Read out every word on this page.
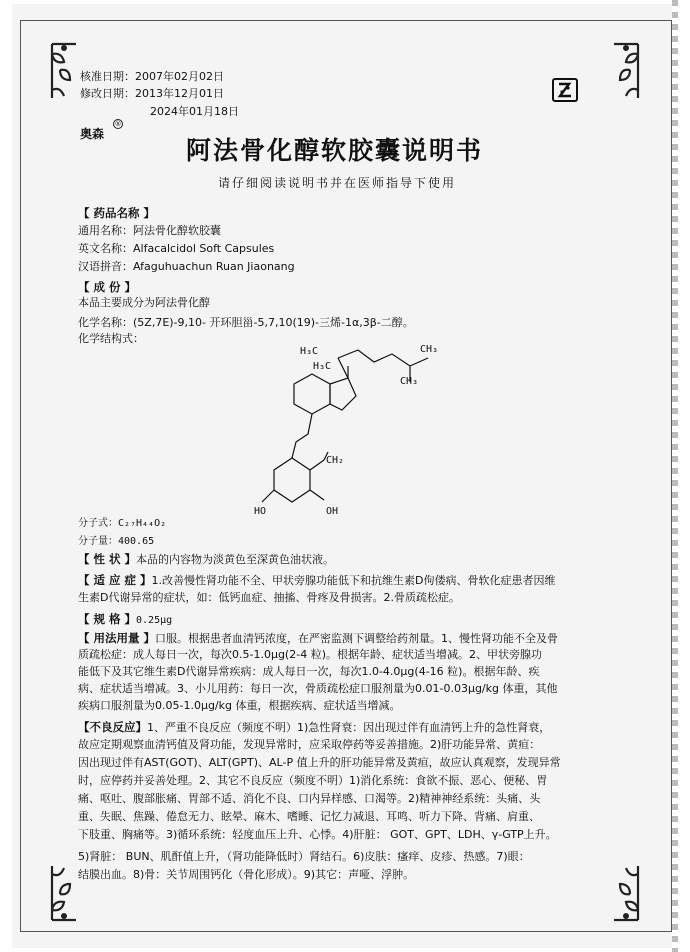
核准日期：2007年02月02日
修改日期：2013年12月01日
2024年01月18日
奥森
®
阿法骨化醇软胶囊说明书
请仔细阅读说明书并在医师指导下使用
【 药品名称 】
通用名称：阿法骨化醇软胶囊
英文名称：Alfacalcidol Soft Capsules
汉语拼音：Afaguhuachun Ruan Jiaonang
【 成 份 】
本品主要成分为阿法骨化醇
化学名称：(5Z,7E)-9,10- 开环胆甾-5,7,10(19)-三烯-1α,3β-二醇。
化学结构式：
H₃C	CH₃
H₃C
CH₃
CH₂
HO	OH
分子式：C₂₇H₄₄O₂
分子量：400.65
【 性 状 】本品的内容物为淡黄色至深黄色油状液。
【 适 应 症 】1.改善慢性肾功能不全、甲状旁腺功能低下和抗维生素D佝偻病、骨软化症患者因维
生素D代谢异常的症状，如：低钙血症、抽搐、骨疼及骨损害。2.骨质疏松症。
【 规 格 】0.25μg
【 用法用量 】口服。根据患者血清钙浓度，在严密监测下调整给药剂量。1、慢性肾功能不全及骨
质疏松症：成人每日一次，每次0.5-1.0μg(2-4 粒)。根据年龄、症状适当增减。2、甲状旁腺功
能低下及其它维生素D代谢异常疾病：成人每日一次，每次1.0-4.0μg(4-16 粒)。根据年龄、疾
病、症状适当增减。3、小儿用药：每日一次，骨质疏松症口服剂量为0.01-0.03μg/kg 体重，其他
疾病口服剂量为0.05-1.0μg/kg 体重，根据疾病、症状适当增减。
【不良反应】1、严重不良反应（频度不明）1)急性肾衰：因出现过伴有血清钙上升的急性肾衰，
故应定期观察血清钙值及肾功能，发现异常时，应采取停药等妥善措施。2)肝功能异常、黄疸：
因出现过伴有AST(GOT)、ALT(GPT)、AL-P 值上升的肝功能异常及黄疸，故应认真观察，发现异常
时，应停药并妥善处理。2、其它不良反应（频度不明）1)消化系统：食欲不振、恶心、便秘、胃
痛、呕吐、腹部胀痛、胃部不适、消化不良、口内异样感、口渴等。2)精神神经系统：头痛、头
重、失眠、焦躁、倦怠无力、眩晕、麻木、嗜睡、记忆力减退、耳鸣、听力下降、背痛、肩重、
下肢重、胸痛等。3)循环系统：轻度血压上升、心悸。4)肝脏： GOT、GPT、LDH、γ-GTP上升。
5)肾脏： BUN、肌酐值上升，（肾功能降低时）肾结石。6)皮肤：瘙痒、皮疹、热感。7)眼：
结膜出血。8)骨：关节周围钙化（骨化形成）。9)其它：声哑、浮肿。
